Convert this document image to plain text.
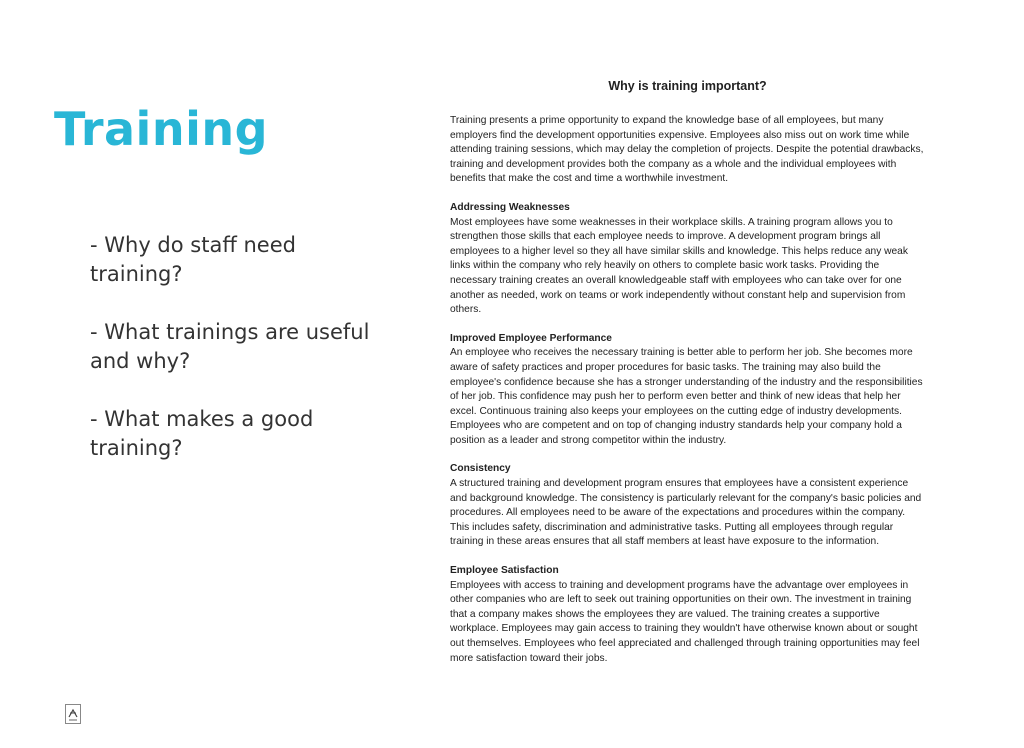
Training
- Why do staff need training?
- What trainings are useful and why?
- What makes a good training?
Why is training important?

Training presents a prime opportunity to expand the knowledge base of all employees, but many employers find the development opportunities expensive. Employees also miss out on work time while attending training sessions, which may delay the completion of projects. Despite the potential drawbacks, training and development provides both the company as a whole and the individual employees with benefits that make the cost and time a worthwhile investment.

Addressing Weaknesses

Most employees have some weaknesses in their workplace skills. A training program allows you to strengthen those skills that each employee needs to improve. A development program brings all employees to a higher level so they all have similar skills and knowledge. This helps reduce any weak links within the company who rely heavily on others to complete basic work tasks. Providing the necessary training creates an overall knowledgeable staff with employees who can take over for one another as needed, work on teams or work independently without constant help and supervision from others.

Improved Employee Performance

An employee who receives the necessary training is better able to perform her job. She becomes more aware of safety practices and proper procedures for basic tasks. The training may also build the employee's confidence because she has a stronger understanding of the industry and the responsibilities of her job. This confidence may push her to perform even better and think of new ideas that help her excel. Continuous training also keeps your employees on the cutting edge of industry developments. Employees who are competent and on top of changing industry standards help your company hold a position as a leader and strong competitor within the industry.

Consistency

A structured training and development program ensures that employees have a consistent experience and background knowledge. The consistency is particularly relevant for the company's basic policies and procedures. All employees need to be aware of the expectations and procedures within the company. This includes safety, discrimination and administrative tasks. Putting all employees through regular training in these areas ensures that all staff members at least have exposure to the information.

Employee Satisfaction

Employees with access to training and development programs have the advantage over employees in other companies who are left to seek out training opportunities on their own. The investment in training that a company makes shows the employees they are valued. The training creates a supportive workplace. Employees may gain access to training they wouldn't have otherwise known about or sought out themselves. Employees who feel appreciated and challenged through training opportunities may feel more satisfaction toward their jobs.
